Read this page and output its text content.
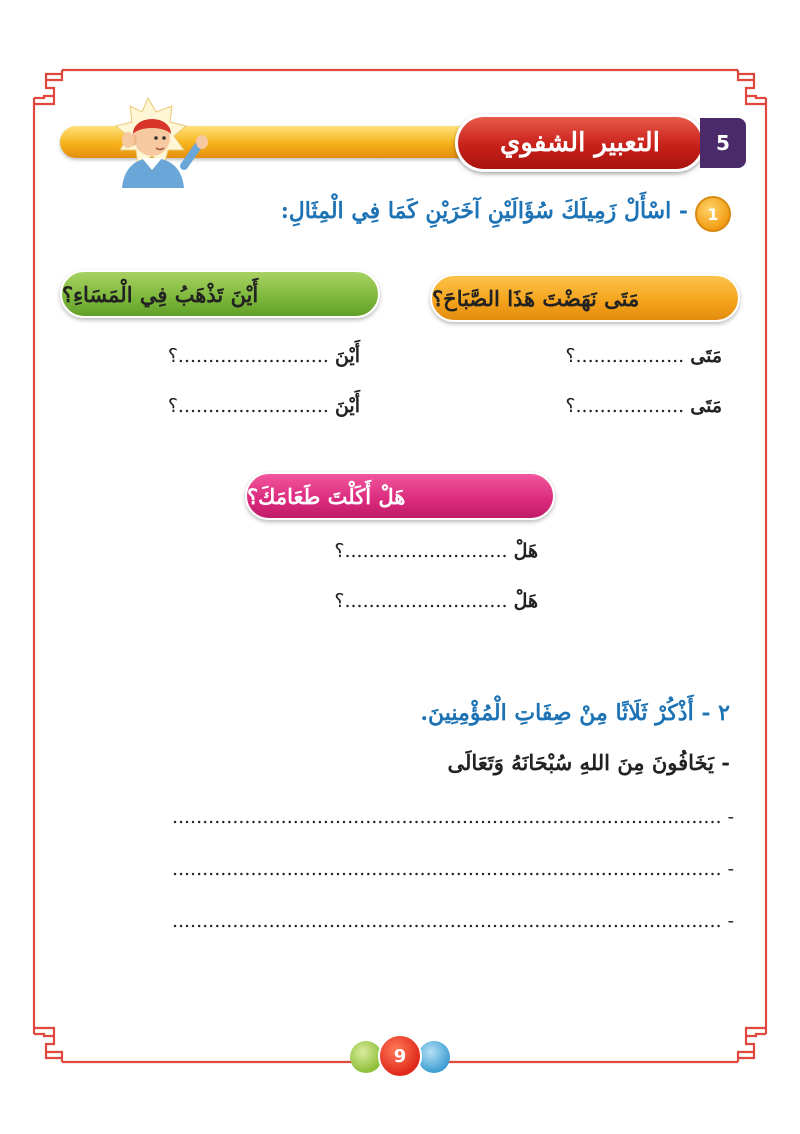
التعبير الشفوي	5
1
- اسْأَلْ زَمِيلَكَ سُؤَالَيْنِ آخَرَيْنِ كَمَا فِي الْمِثَالِ:
مَتَى نَهَضْتَ هَذَا الصَّبَاحَ؟
مَتَى ..................؟
مَتَى ..................؟
أَيْنَ تَذْهَبُ فِي الْمَسَاءِ؟
أَيْنَ .........................؟
أَيْنَ .........................؟
هَلْ أَكَلْتَ طَعَامَكَ؟
هَلْ ...........................؟
هَلْ ...........................؟
٢ - أَذْكُرْ ثَلَاثًا مِنْ صِفَاتِ الْمُؤْمِنِينَ.
- يَخَافُونَ مِنَ اللهِ سُبْحَانَهُ وَتَعَالَى
- ...........................................................................................
- ...........................................................................................
- ...........................................................................................
9
